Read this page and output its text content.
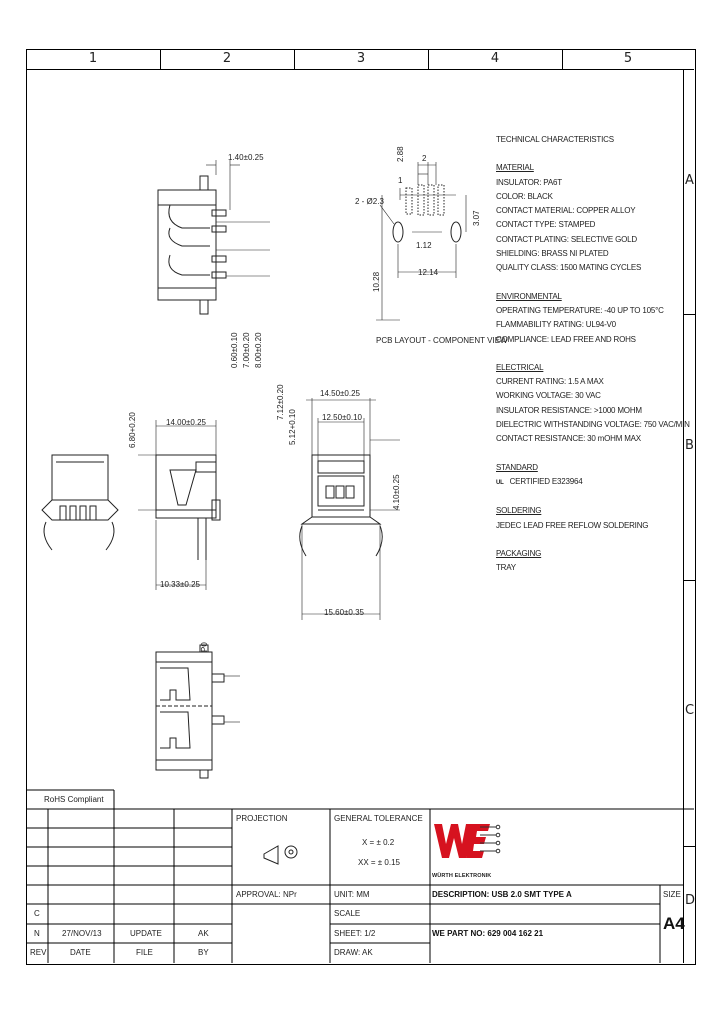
1	2	3	4	5
A
B
C
D
1.40±0.25
0.60±0.10 7.00±0.20 8.00±0.20
14.00±0.25
6.80+0.20
10.33±0.25
14.50±0.25
12.50±0.10
7.12±0.20
5.12+0.10
4.10±0.25
15.60±0.35
P0
2.88 2
1
2 - Ø2.3
3.07
1.12
12.14
10.28
PCB LAYOUT - COMPONENT VIEW
TECHNICAL CHARACTERISTICS
MATERIAL
INSULATOR: PA6T
COLOR: BLACK
CONTACT MATERIAL: COPPER ALLOY
CONTACT TYPE: STAMPED
CONTACT PLATING: SELECTIVE GOLD
SHIELDING: BRASS NI PLATED
QUALITY CLASS: 1500 MATING CYCLES
ENVIRONMENTAL
OPERATING TEMPERATURE: -40 UP TO 105°C
FLAMMABILITY RATING: UL94-V0
COMPLIANCE: LEAD FREE AND ROHS
ELECTRICAL
CURRENT RATING: 1.5 A MAX
WORKING VOLTAGE: 30 VAC
INSULATOR RESISTANCE: >1000 MOHM
DIELECTRIC WITHSTANDING VOLTAGE: 750 VAC/MIN
CONTACT RESISTANCE: 30 mOHM MAX
STANDARD
UL CERTIFIED E323964
SOLDERING
JEDEC LEAD FREE REFLOW SOLDERING
PACKAGING
TRAY
RoHS Compliant
C
N	27/NOV/13	UPDATE	AK
REV	DATE	FILE	BY
PROJECTION	GENERAL TOLERANCE
X = ± 0.2
XX = ± 0.15
APPROVAL: NPr	UNIT: MM
SCALE
SHEET: 1/2
DRAW: AK
DESCRIPTION: USB 2.0 SMT TYPE A
WE PART NO: 629 004 162 21
SIZE
A4
WÜRTH ELEKTRONIK
